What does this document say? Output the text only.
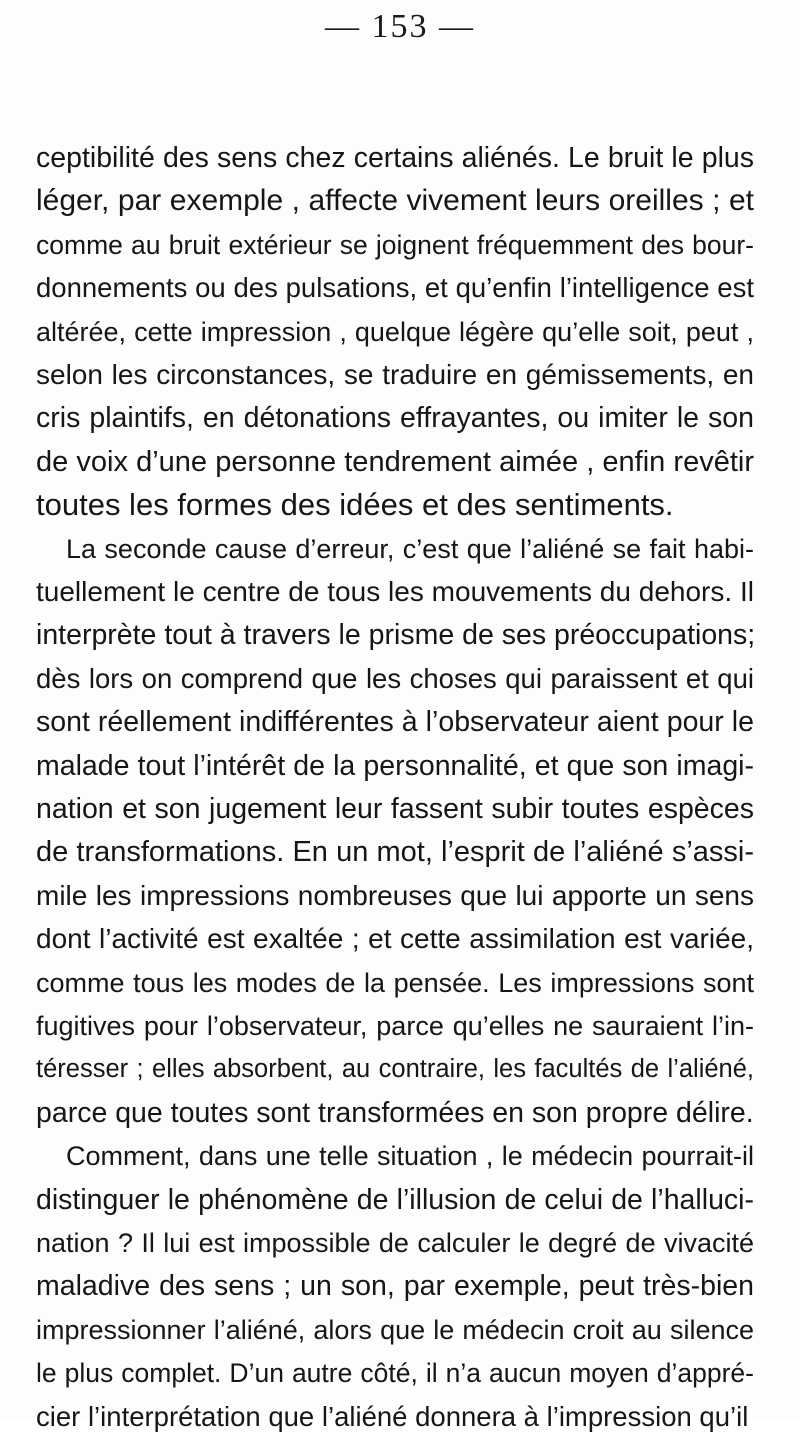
— 153 —
ceptibilité des sens chez certains aliénés. Le bruit le plus
léger, par exemple , affecte vivement leurs oreilles ; et
comme au bruit extérieur se joignent fréquemment des bour-
donnements ou des pulsations, et qu’enfin l’intelligence est
altérée, cette impression , quelque légère qu’elle soit, peut ,
selon les circonstances, se traduire en gémissements, en
cris plaintifs, en détonations effrayantes, ou imiter le son
de voix d’une personne tendrement aimée , enfin revêtir
toutes les formes des idées et des sentiments.
La seconde cause d’erreur, c’est que l’aliéné se fait habi-
tuellement le centre de tous les mouvements du dehors. Il
interprète tout à travers le prisme de ses préoccupations;
dès lors on comprend que les choses qui paraissent et qui
sont réellement indifférentes à l’observateur aient pour le
malade tout l’intérêt de la personnalité, et que son imagi-
nation et son jugement leur fassent subir toutes espèces
de transformations. En un mot, l’esprit de l’aliéné s’assi-
mile les impressions nombreuses que lui apporte un sens
dont l’activité est exaltée ; et cette assimilation est variée,
comme tous les modes de la pensée. Les impressions sont
fugitives pour l’observateur, parce qu’elles ne sauraient l’in-
téresser ; elles absorbent, au contraire, les facultés de l’aliéné,
parce que toutes sont transformées en son propre délire.
Comment, dans une telle situation , le médecin pourrait-il
distinguer le phénomène de l’illusion de celui de l’halluci-
nation ? Il lui est impossible de calculer le degré de vivacité
maladive des sens ; un son, par exemple, peut très-bien
impressionner l’aliéné, alors que le médecin croit au silence
le plus complet. D’un autre côté, il n’a aucun moyen d’appré-
cier l’interprétation que l’aliéné donnera à l’impression qu’il
